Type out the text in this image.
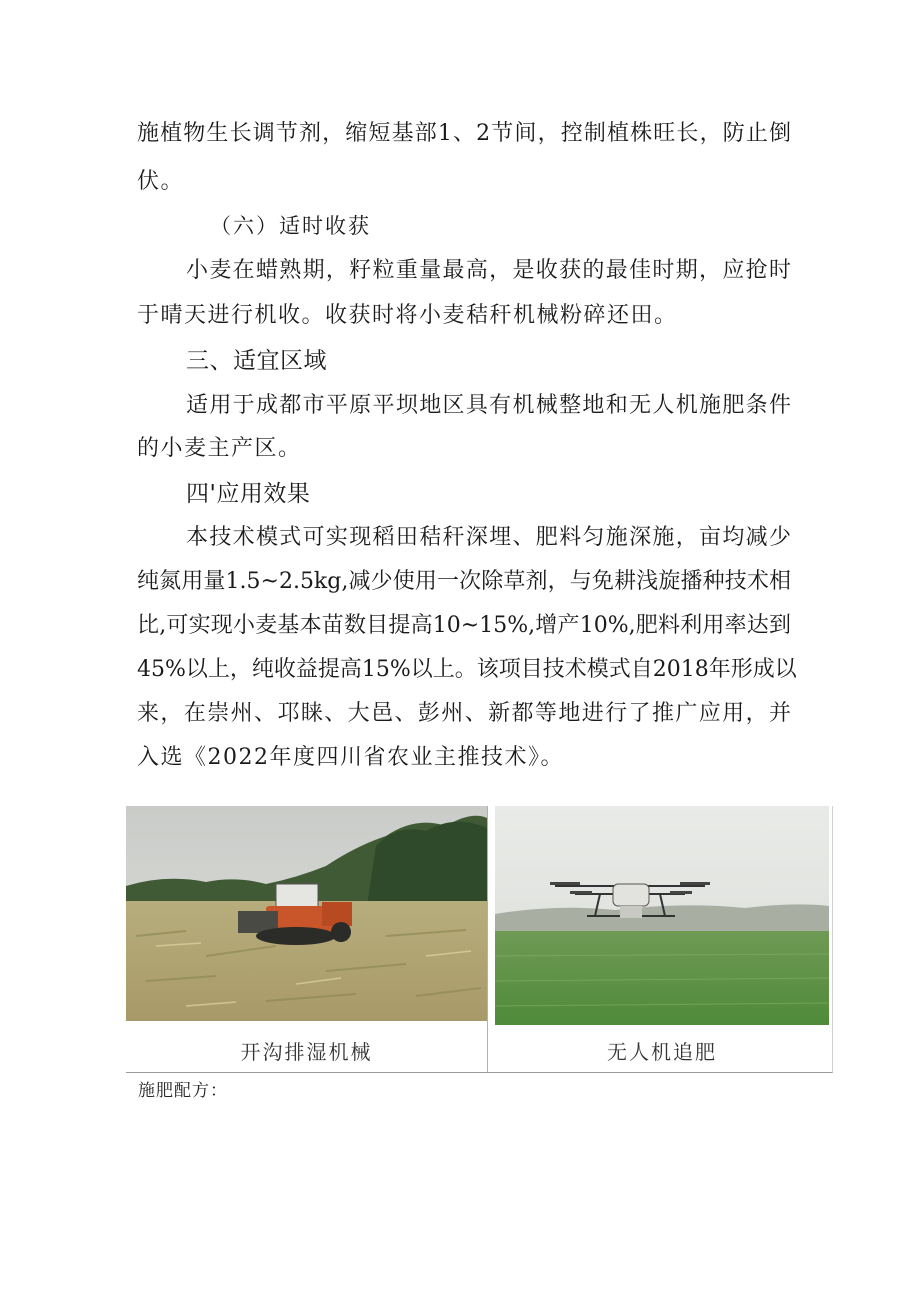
施植物生长调节剂，缩短基部1、2节间，控制植株旺长，防止倒
伏。
（六）适时收获
小麦在蜡熟期，籽粒重量最高，是收获的最佳时期，应抢时
于晴天进行机收。收获时将小麦秸秆机械粉碎还田。
三、适宜区域
适用于成都市平原平坝地区具有机械整地和无人机施肥条件
的小麦主产区。
四'应用效果
本技术模式可实现稻田秸秆深埋、肥料匀施深施，亩均减少
纯氮用量1.5~2.5kg,减少使用一次除草剂，与免耕浅旋播种技术相
比,可实现小麦基本苗数目提高10~15%,增产10%,肥料利用率达到
45%以上，纯收益提高15%以上。该项目技术模式自2018年形成以
来，在崇州、邛睐、大邑、彭州、新都等地进行了推广应用，并
入选《2022年度四川省农业主推技术》。
开沟排湿机械	无人机追肥
施肥配方：
